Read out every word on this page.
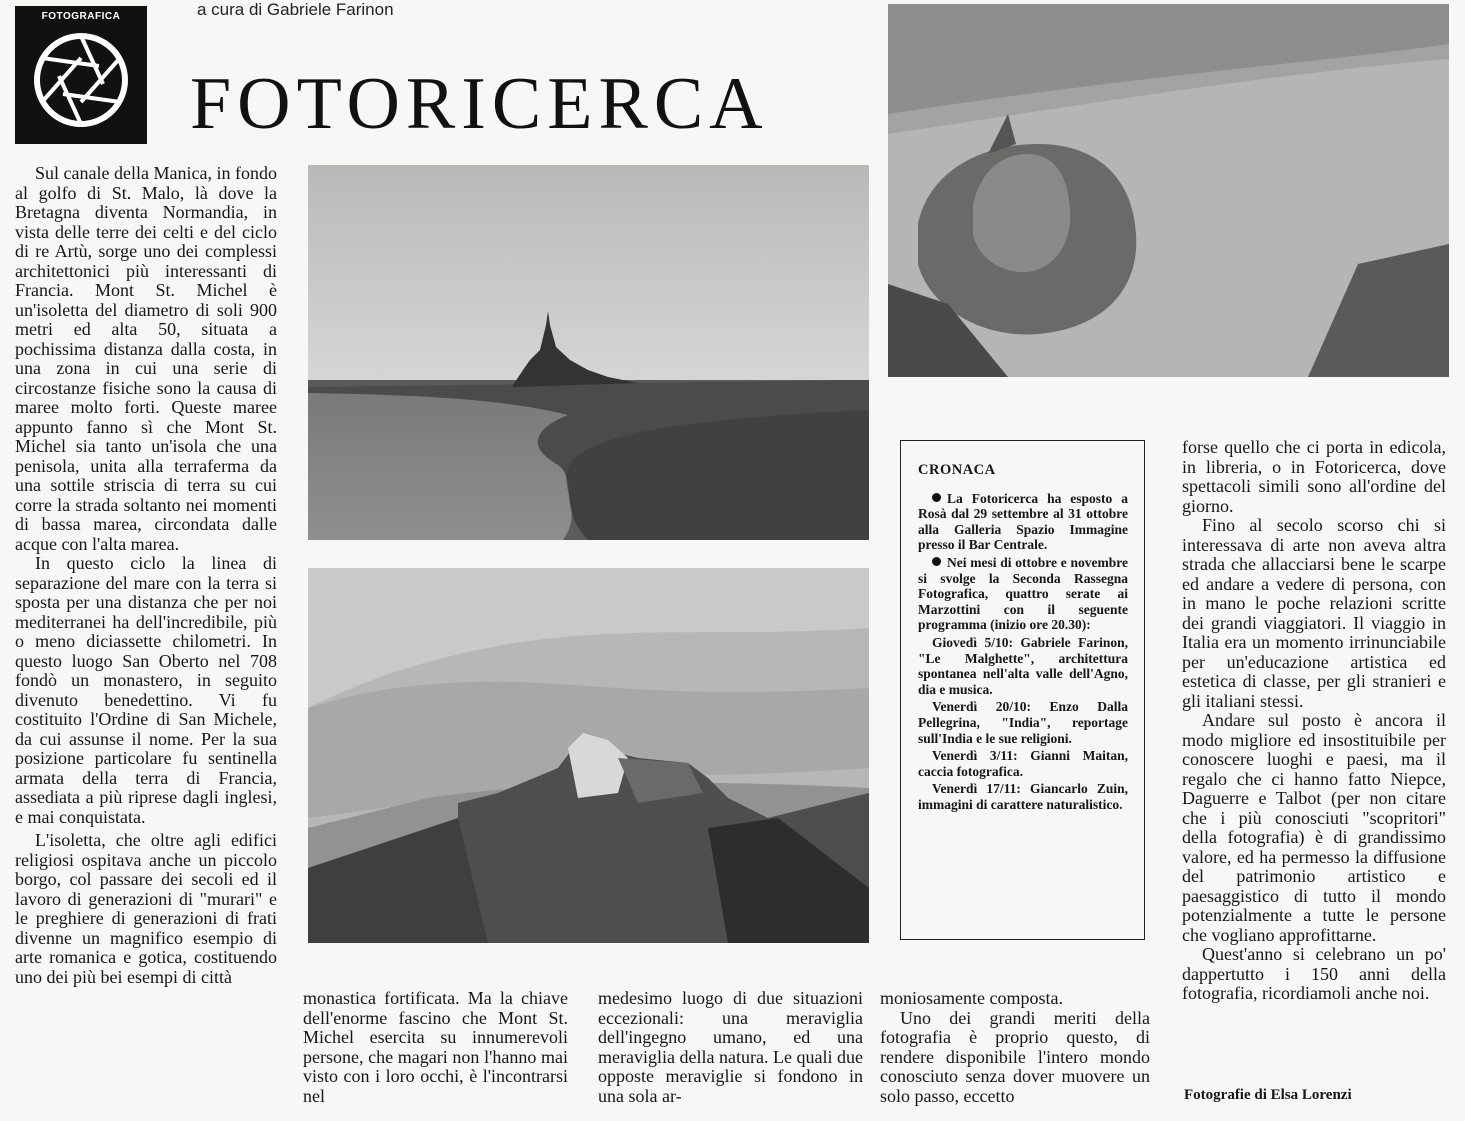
FOTOGRAFICA	a cura di Gabriele Farinon
FOTORICERCA

Sul canale della Manica, in fondo al golfo di St. Malo, là dove la Bretagna diventa Normandia, in vista delle terre dei celti e del ciclo di re Artù, sorge uno dei complessi architettonici più interessanti di Francia. Mont St. Michel è un'isoletta del diametro di soli 900 metri ed alta 50, situata a pochissima distanza dalla costa, in una zona in cui una serie di circostanze fisiche sono la causa di maree molto forti. Queste maree appunto fanno sì che Mont St. Michel sia tanto un'isola che una penisola, unita alla terraferma da una sottile striscia di terra su cui corre la strada soltanto nei momenti di bassa marea, circondata dalle acque con l'alta marea.

In questo ciclo la linea di separazione del mare con la terra si sposta per una distanza che per noi mediterranei ha dell'incredibile, più o meno diciassette chilometri. In questo luogo San Oberto nel 708 fondò un monastero, in seguito divenuto benedettino. Vi fu costituito l'Ordine di San Michele, da cui assunse il nome. Per la sua posizione particolare fu sentinella armata della terra di Francia, assediata a più riprese dagli inglesi, e mai conquistata.

L'isoletta, che oltre agli edifici religiosi ospitava anche un piccolo borgo, col passare dei secoli ed il lavoro di generazioni di "murari" e le preghiere di generazioni di frati divenne un magnifico esempio di arte romanica e gotica, costituendo uno dei più bei esempi di città

monastica fortificata. Ma la chiave dell'enorme fascino che Mont St. Michel esercita su innumerevoli persone, che magari non l'hanno mai visto con i loro occhi, è l'incontrarsi nel

medesimo luogo di due situazioni eccezionali: una meraviglia dell'ingegno umano, ed una meraviglia della natura. Le quali due opposte meraviglie si fondono in una sola ar-

moniosamente composta.

Uno dei grandi meriti della fotografia è proprio questo, di rendere disponibile l'intero mondo conosciuto senza dover muovere un solo passo, eccetto

CRONACA

La Fotoricerca ha esposto a Rosà dal 29 settembre al 31 ottobre alla Galleria Spazio Immagine presso il Bar Centrale.

Nei mesi di ottobre e novembre si svolge la Seconda Rassegna Fotografica, quattro serate ai Marzottini con il seguente programma (inizio ore 20.30):

Giovedì 5/10: Gabriele Farinon, "Le Malghette", architettura spontanea nell'alta valle dell'Agno, dia e musica.

Venerdì 20/10: Enzo Dalla Pellegrina, "India", reportage sull'India e le sue religioni.

Venerdì 3/11: Gianni Maitan, caccia fotografica.

Venerdì 17/11: Giancarlo Zuin, immagini di carattere naturalistico.

forse quello che ci porta in edicola, in libreria, o in Fotoricerca, dove spettacoli simili sono all'ordine del giorno.

Fino al secolo scorso chi si interessava di arte non aveva altra strada che allacciarsi bene le scarpe ed andare a vedere di persona, con in mano le poche relazioni scritte dei grandi viaggiatori. Il viaggio in Italia era un momento irrinunciabile per un'educazione artistica ed estetica di classe, per gli stranieri e gli italiani stessi.

Andare sul posto è ancora il modo migliore ed insostituibile per conoscere luoghi e paesi, ma il regalo che ci hanno fatto Niepce, Daguerre e Talbot (per non citare che i più conosciuti "scopritori" della fotografia) è di grandissimo valore, ed ha permesso la diffusione del patrimonio artistico e paesaggistico di tutto il mondo potenzialmente a tutte le persone che vogliano approfittarne.

Quest'anno si celebrano un po' dappertutto i 150 anni della fotografia, ricordiamoli anche noi.

Fotografie di Elsa Lorenzi
